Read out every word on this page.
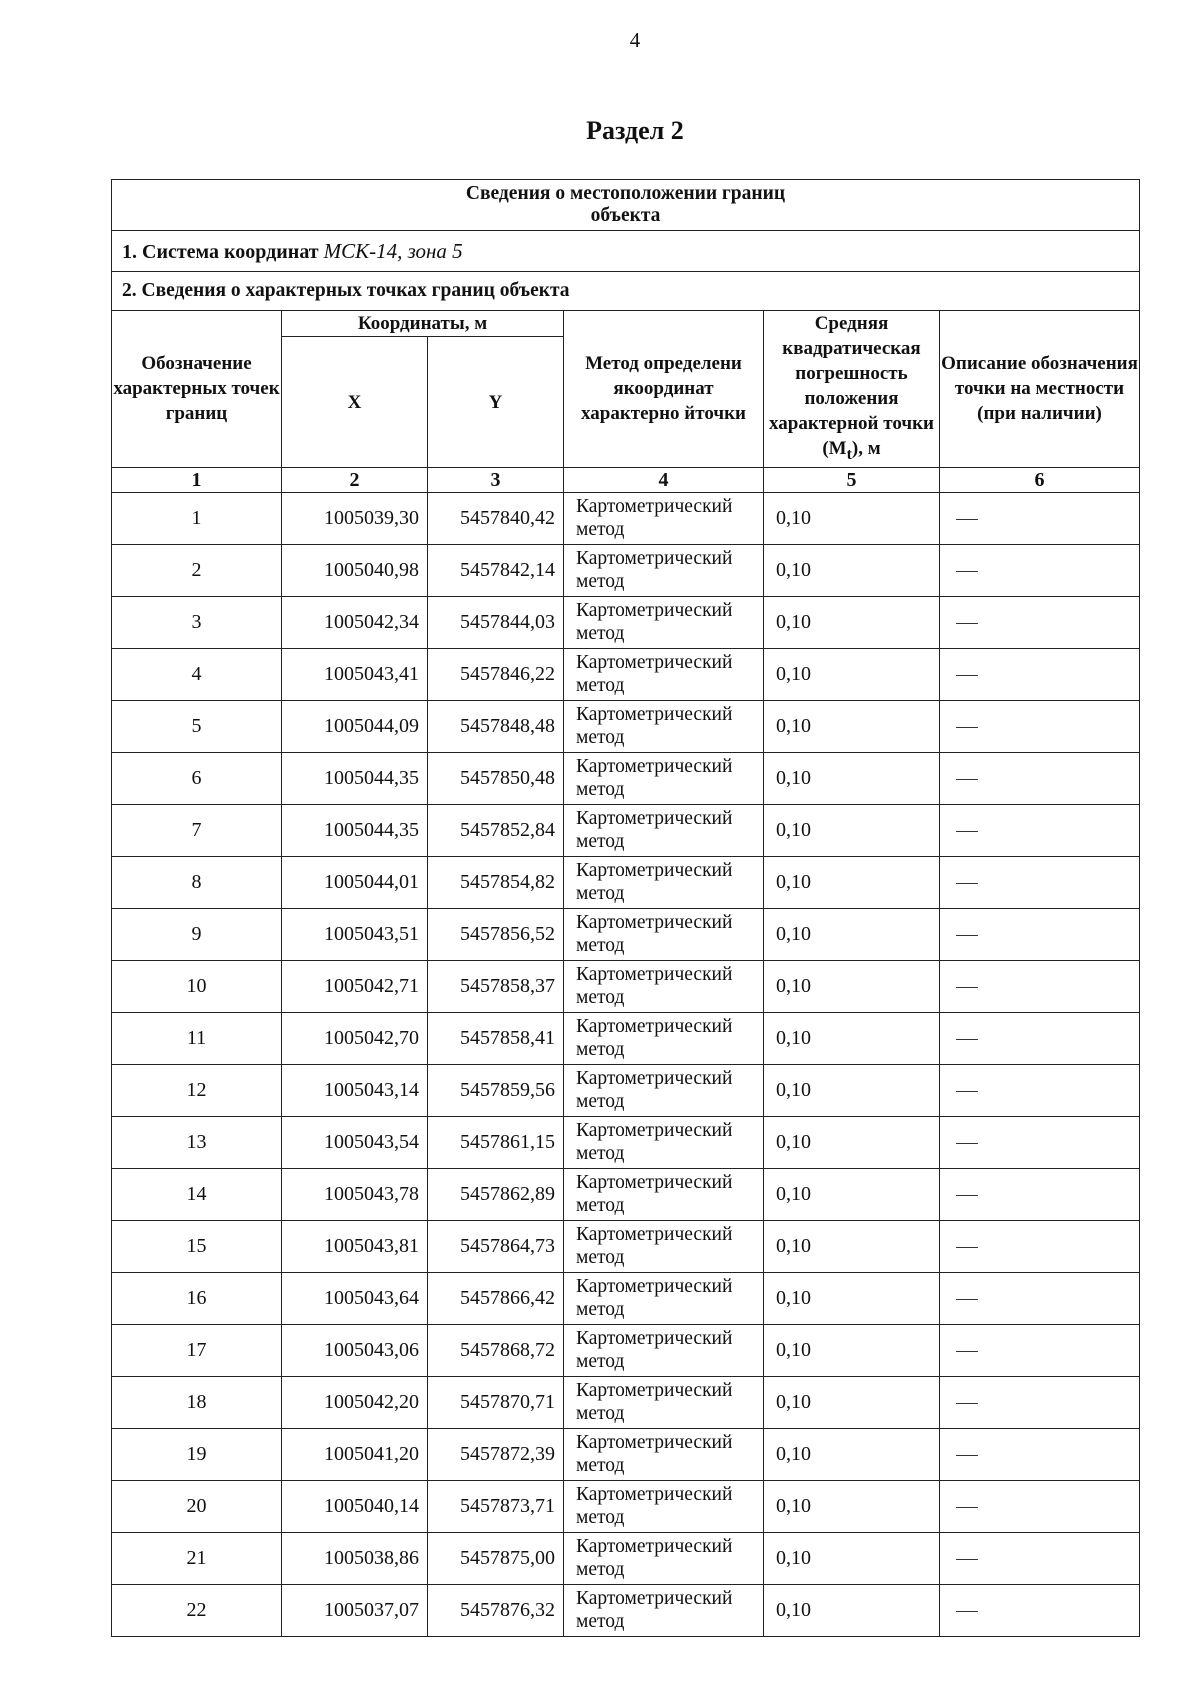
4
Раздел 2
Сведения о местоположении границ
объекта					
1. Система координат МСК-14, зона 5					
2. Сведения о характерных точках границ объекта					
Обозначение характерных точек границ	Координаты, м		Метод определени якоординат характерно йточки	Средняя квадратическая погрешность положения характерной точки $(M_t)$, м	Описание обозначения точки на местности (при наличии)
	X	Y			
1	2	3	4	5	6
1	1005039,30	5457840,42	Картометрический метод	0,10	
2	1005040,98	5457842,14	Картометрический метод	0,10	
3	1005042,34	5457844,03	Картометрический метод	0,10	
4	1005043,41	5457846,22	Картометрический метод	0,10	
5	1005044,09	5457848,48	Картометрический метод	0,10	
6	1005044,35	5457850,48	Картометрический метод	0,10	
7	1005044,35	5457852,84	Картометрический метод	0,10	
8	1005044,01	5457854,82	Картометрический метод	0,10	
9	1005043,51	5457856,52	Картометрический метод	0,10	
10	1005042,71	5457858,37	Картометрический метод	0,10	
11	1005042,70	5457858,41	Картометрический метод	0,10	
12	1005043,14	5457859,56	Картометрический метод	0,10	
13	1005043,54	5457861,15	Картометрический метод	0,10	
14	1005043,78	5457862,89	Картометрический метод	0,10	
15	1005043,81	5457864,73	Картометрический метод	0,10	
16	1005043,64	5457866,42	Картометрический метод	0,10	
17	1005043,06	5457868,72	Картометрический метод	0,10	
18	1005042,20	5457870,71	Картометрический метод	0,10	
19	1005041,20	5457872,39	Картометрический метод	0,10	
20	1005040,14	5457873,71	Картометрический метод	0,10	
21	1005038,86	5457875,00	Картометрический метод	0,10	
22	1005037,07	5457876,32	Картометрический метод	0,10	
